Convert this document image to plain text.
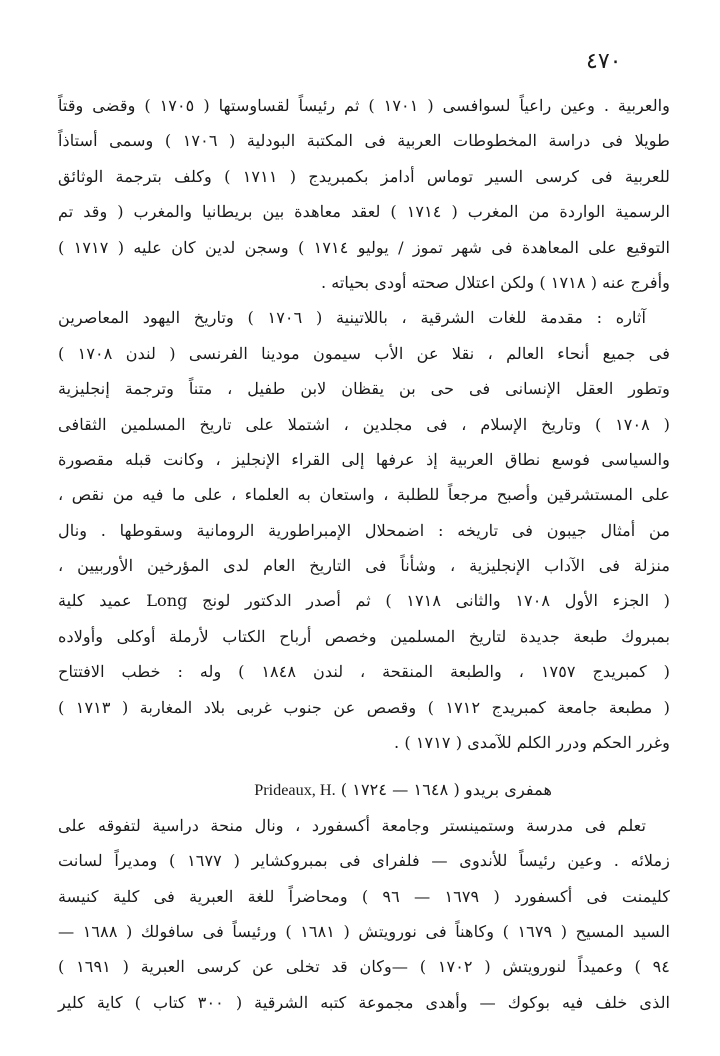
٤٧٠
والعربية . وعين راعياً لسوافسى ( ١٧٠١ ) ثم رئيساً لقساوستها ( ١٧٠٥ ) وقضى وقتاً
طويلا فى دراسة المخطوطات العربية فى المكتبة البودلية ( ١٧٠٦ ) وسمى أستاذاً
للعربية فى كرسى السير توماس أدامز بكمبريدج ( ١٧١١ ) وكلف بترجمة الوثائق
الرسمية الواردة من المغرب ( ١٧١٤ ) لعقد معاهدة بين بريطانيا والمغرب ( وقد تم
التوقيع على المعاهدة فى شهر تموز / يوليو ١٧١٤ ) وسجن لدين كان عليه ( ١٧١٧ )
وأفرج عنه ( ١٧١٨ ) ولكن اعتلال صحته أودى بحياته .
آثاره : مقدمة للغات الشرقية ، باللاتينية ( ١٧٠٦ ) وتاريخ اليهود المعاصرين
فى جميع أنحاء العالم ، نقلا عن الأب سيمون مودينا الفرنسى ( لندن ١٧٠٨ )
وتطور العقل الإنسانى فى حى بن يقظان لابن طفيل ، متناً وترجمة إنجليزية
( ١٧٠٨ ) وتاريخ الإسلام ، فى مجلدين ، اشتملا على تاريخ المسلمين الثقافى
والسياسى فوسع نطاق العربية إذ عرفها إلى القراء الإنجليز ، وكانت قبله مقصورة
على المستشرقين وأصبح مرجعاً للطلبة ، واستعان به العلماء ، على ما فيه من نقص ،
من أمثال جيبون فى تاريخه : اضمحلال الإمبراطورية الرومانية وسقوطها . ونال
منزلة فى الآداب الإنجليزية ، وشأناً فى التاريخ العام لدى المؤرخين الأوربيين ،
( الجزء الأول ١٧٠٨ والثانى ١٧١٨ ) ثم أصدر الدكتور لونج Long عميد كلية
بمبروك طبعة جديدة لتاريخ المسلمين وخصص أرباح الكتاب لأرملة أوكلى وأولاده
( كمبريدج ١٧٥٧ ، والطبعة المنقحة ، لندن ١٨٤٨ ) وله : خطب الافتتاح
( مطبعة جامعة كمبريدج ١٧١٢ ) وقصص عن جنوب غربى بلاد المغاربة ( ١٧١٣ )
وغرر الحكم ودرر الكلم للآمدى ( ١٧١٧ ) .
همفرى بريدو ( ١٦٤٨ — ١٧٢٤ ) Prideaux, H.
تعلم فى مدرسة وستمينستر وجامعة أكسفورد ، ونال منحة دراسية لتفوقه على
زملائه . وعين رئيساً للأندوى — فلفراى فى بمبروكشاير ( ١٦٧٧ ) ومديراً لسانت
كليمنت فى أكسفورد ( ١٦٧٩ — ٩٦ ) ومحاضراً للغة العبرية فى كلية كنيسة
السيد المسيح ( ١٦٧٩ ) وكاهناً فى نورويتش ( ١٦٨١ ) ورئيساً فى سافولك ( ١٦٨٨ —
٩٤ ) وعميداً لنورويتش ( ١٧٠٢ ) —وكان قد تخلى عن كرسى العبرية ( ١٦٩١ )
الذى خلف فيه بوكوك — وأهدى مجموعة كتبه الشرقية ( ٣٠٠ كتاب ) كاية كلير
